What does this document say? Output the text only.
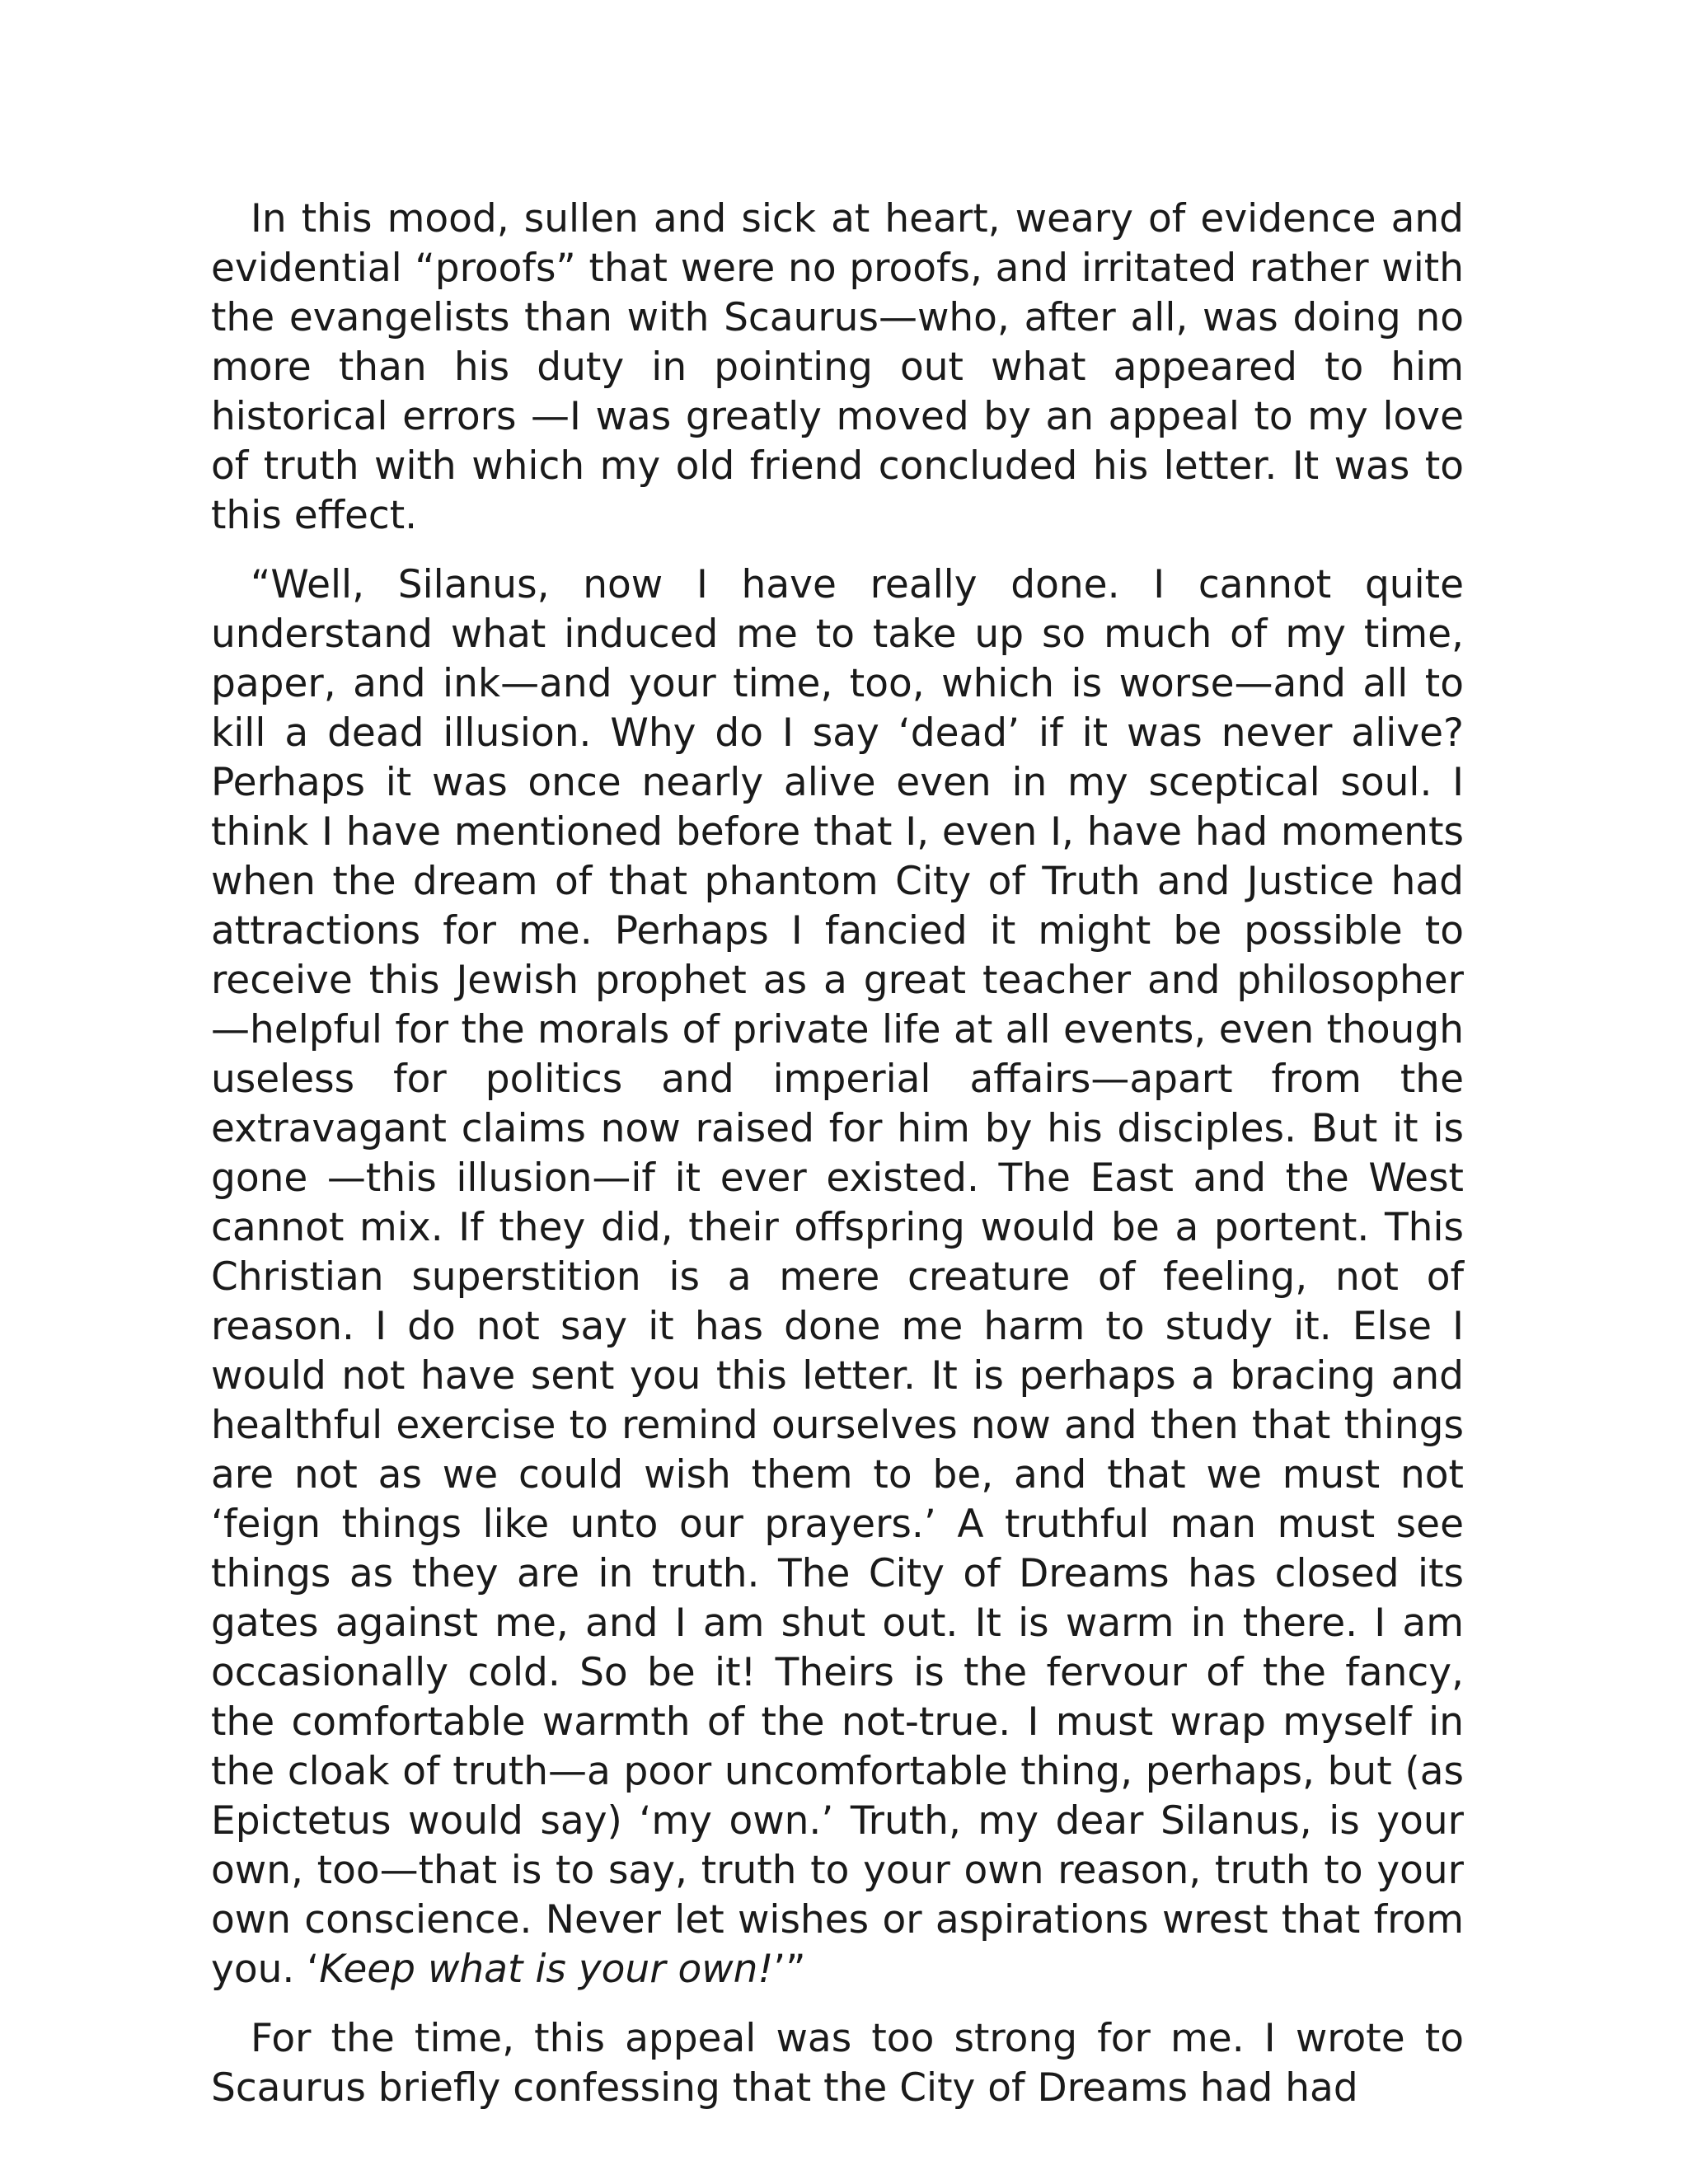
In this mood, sullen and sick at heart, weary of evidence and evidential “proofs” that were no proofs, and irritated rather with the evangelists than with Scaurus—who, after all, was doing no more than his duty in pointing out what appeared to him historical errors —I was greatly moved by an appeal to my love of truth with which my old friend concluded his letter. It was to this effect.

“Well, Silanus, now I have really done. I cannot quite understand what induced me to take up so much of my time, paper, and ink—and your time, too, which is worse—and all to kill a dead illusion. Why do I say ‘dead’ if it was never alive? Perhaps it was once nearly alive even in my sceptical soul. I think I have mentioned before that I, even I, have had moments when the dream of that phantom City of Truth and Justice had attractions for me. Perhaps I fancied it might be possible to receive this Jewish prophet as a great teacher and philosopher—helpful for the morals of private life at all events, even though useless for politics and imperial affairs—apart from the extravagant claims now raised for him by his disciples. But it is gone —this illusion—if it ever existed. The East and the West cannot mix. If they did, their offspring would be a portent. This Christian superstition is a mere creature of feeling, not of reason. I do not say it has done me harm to study it. Else I would not have sent you this letter. It is perhaps a bracing and healthful exercise to remind ourselves now and then that things are not as we could wish them to be, and that we must not ‘feign things like unto our prayers.’ A truthful man must see things as they are in truth. The City of Dreams has closed its gates against me, and I am shut out. It is warm in there. I am occasionally cold. So be it! Theirs is the fervour of the fancy, the comfortable warmth of the not-true. I must wrap myself in the cloak of truth—a poor uncomfortable thing, perhaps, but (as Epictetus would say) ‘my own.’ Truth, my dear Silanus, is your own, too—that is to say, truth to your own reason, truth to your own conscience. Never let wishes or aspirations wrest that from you. ‘Keep what is your own!’”

For the time, this appeal was too strong for me. I wrote to Scaurus briefly confessing that the City of Dreams had had
